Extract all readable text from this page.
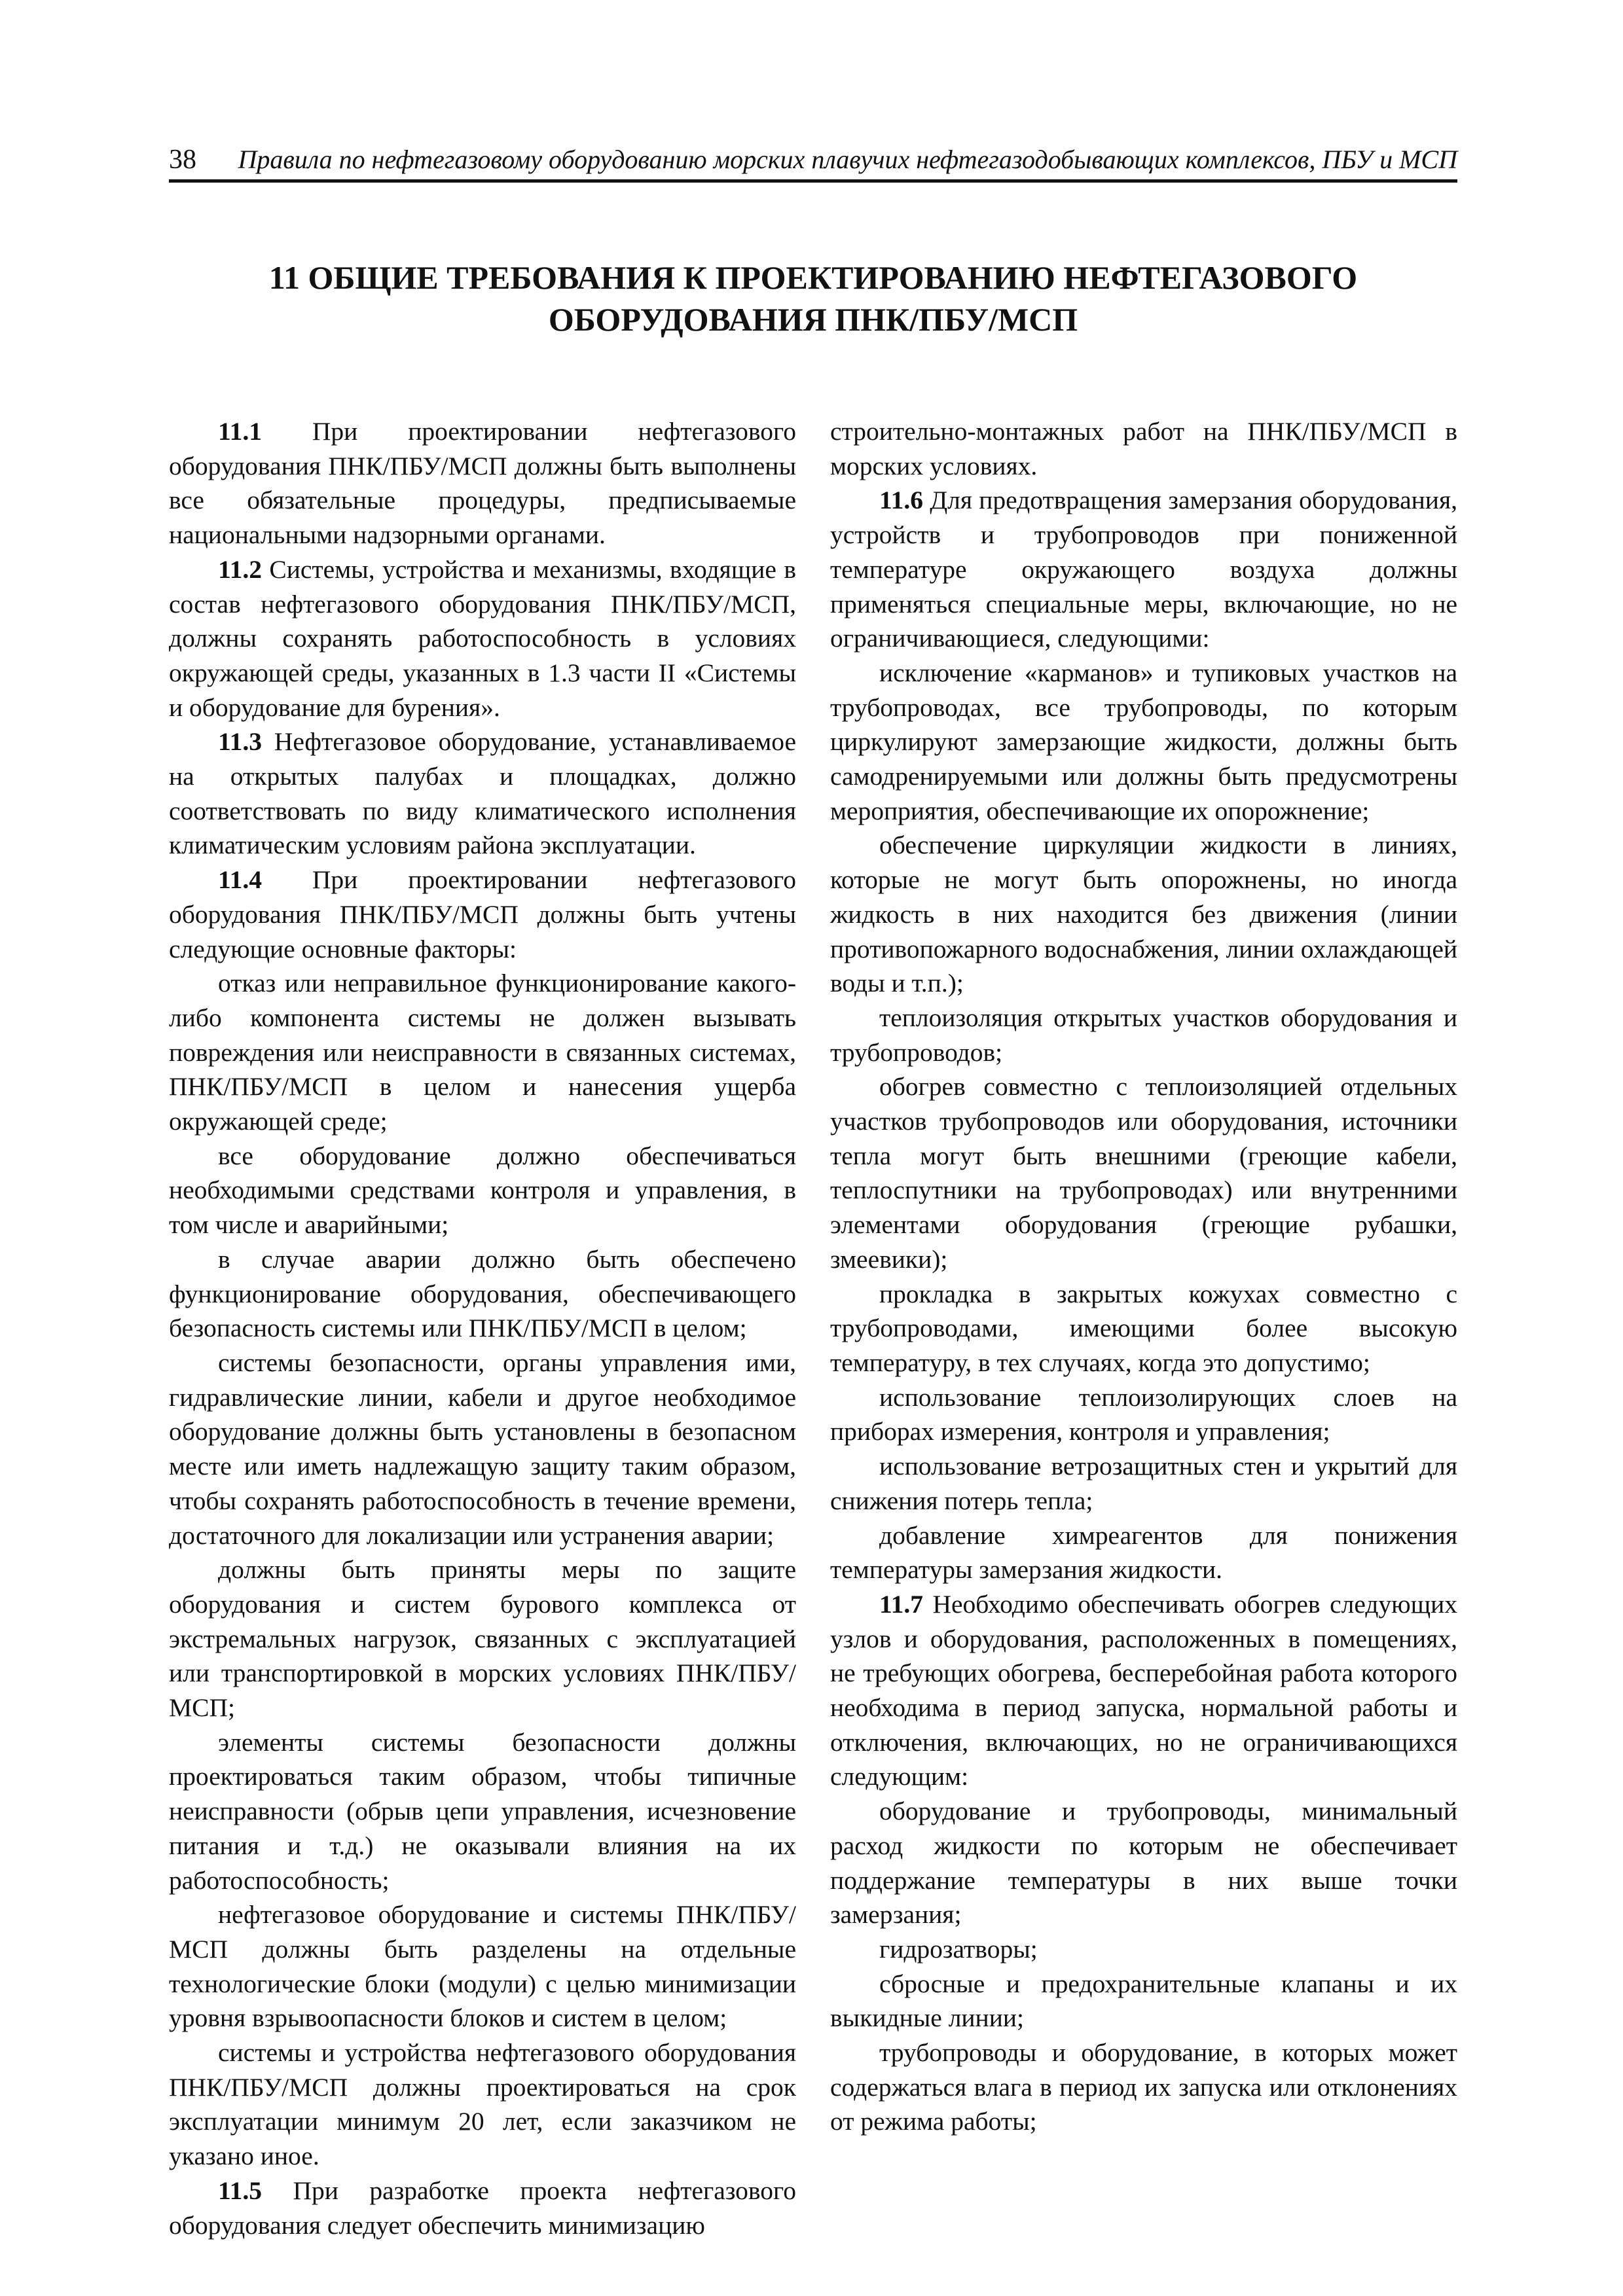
38 Правила по нефтегазовому оборудованию морских плавучих нефтегазодобывающих комплексов, ПБУ и МСП
11 ОБЩИЕ ТРЕБОВАНИЯ К ПРОЕКТИРОВАНИЮ НЕФТЕГАЗОВОГО
ОБОРУДОВАНИЯ ПНК/ПБУ/МСП

11.1 При проектировании нефтегазового оборудования ПНК/ПБУ/МСП должны быть выполнены все обязательные процедуры, предписываемые национальными надзорными органами.

11.2 Системы, устройства и механизмы, входящие в состав нефтегазового оборудования ПНК/ПБУ/МСП, должны сохранять работоспособность в условиях окружающей среды, указанных в 1.3 части II «Системы и оборудование для бурения».

11.3 Нефтегазовое оборудование, устанавливаемое на открытых палубах и площадках, должно соответствовать по виду климатического исполнения климатическим условиям района эксплуатации.

11.4 При проектировании нефтегазового оборудования ПНК/ПБУ/МСП должны быть учтены следующие основные факторы:

отказ или неправильное функционирование какого-либо компонента системы не должен вызывать повреждения или неисправности в связанных системах, ПНК/ПБУ/МСП в целом и нанесения ущерба окружающей среде;

все оборудование должно обеспечиваться необходимыми средствами контроля и управления, в том числе и аварийными;

в случае аварии должно быть обеспечено функционирование оборудования, обеспечивающего безопасность системы или ПНК/ПБУ/МСП в целом;

системы безопасности, органы управления ими, гидравлические линии, кабели и другое необходимое оборудование должны быть установлены в безопасном месте или иметь надлежащую защиту таким образом, чтобы сохранять работоспособность в течение времени, достаточного для локализации или устранения аварии;

должны быть приняты меры по защите оборудования и систем бурового комплекса от экстремальных нагрузок, связанных с эксплуатацией или транспортировкой в морских условиях ПНК/ПБУ/МСП;

элементы системы безопасности должны проектироваться таким образом, чтобы типичные неисправности (обрыв цепи управления, исчезновение питания и т.д.) не оказывали влияния на их работоспособность;

нефтегазовое оборудование и системы ПНК/ПБУ/МСП должны быть разделены на отдельные технологические блоки (модули) с целью минимизации уровня взрывоопасности блоков и систем в целом;

системы и устройства нефтегазового оборудования ПНК/ПБУ/МСП должны проектироваться на срок эксплуатации минимум 20 лет, если заказчиком не указано иное.

11.5 При разработке проекта нефтегазового оборудования следует обеспечить минимизацию

строительно-монтажных работ на ПНК/ПБУ/МСП в морских условиях.

11.6 Для предотвращения замерзания оборудования, устройств и трубопроводов при пониженной температуре окружающего воздуха должны применяться специальные меры, включающие, но не ограничивающиеся, следующими:

исключение «карманов» и тупиковых участков на трубопроводах, все трубопроводы, по которым циркулируют замерзающие жидкости, должны быть самодренируемыми или должны быть предусмотрены мероприятия, обеспечивающие их опорожнение;

обеспечение циркуляции жидкости в линиях, которые не могут быть опорожнены, но иногда жидкость в них находится без движения (линии противопожарного водоснабжения, линии охлаждающей воды и т.п.);

теплоизоляция открытых участков оборудования и трубопроводов;

обогрев совместно с теплоизоляцией отдельных участков трубопроводов или оборудования, источники тепла могут быть внешними (греющие кабели, теплоспутники на трубопроводах) или внутренними элементами оборудования (греющие рубашки, змеевики);

прокладка в закрытых кожухах совместно с трубопроводами, имеющими более высокую температуру, в тех случаях, когда это допустимо;

использование теплоизолирующих слоев на приборах измерения, контроля и управления;

использование ветрозащитных стен и укрытий для снижения потерь тепла;

добавление химреагентов для понижения температуры замерзания жидкости.

11.7 Необходимо обеспечивать обогрев следующих узлов и оборудования, расположенных в помещениях, не требующих обогрева, бесперебойная работа которого необходима в период запуска, нормальной работы и отключения, включающих, но не ограничивающихся следующим:

оборудование и трубопроводы, минимальный расход жидкости по которым не обеспечивает поддержание температуры в них выше точки замерзания;

гидрозатворы;

сбросные и предохранительные клапаны и их выкидные линии;

трубопроводы и оборудование, в которых может содержаться влага в период их запуска или отклонениях от режима работы;
